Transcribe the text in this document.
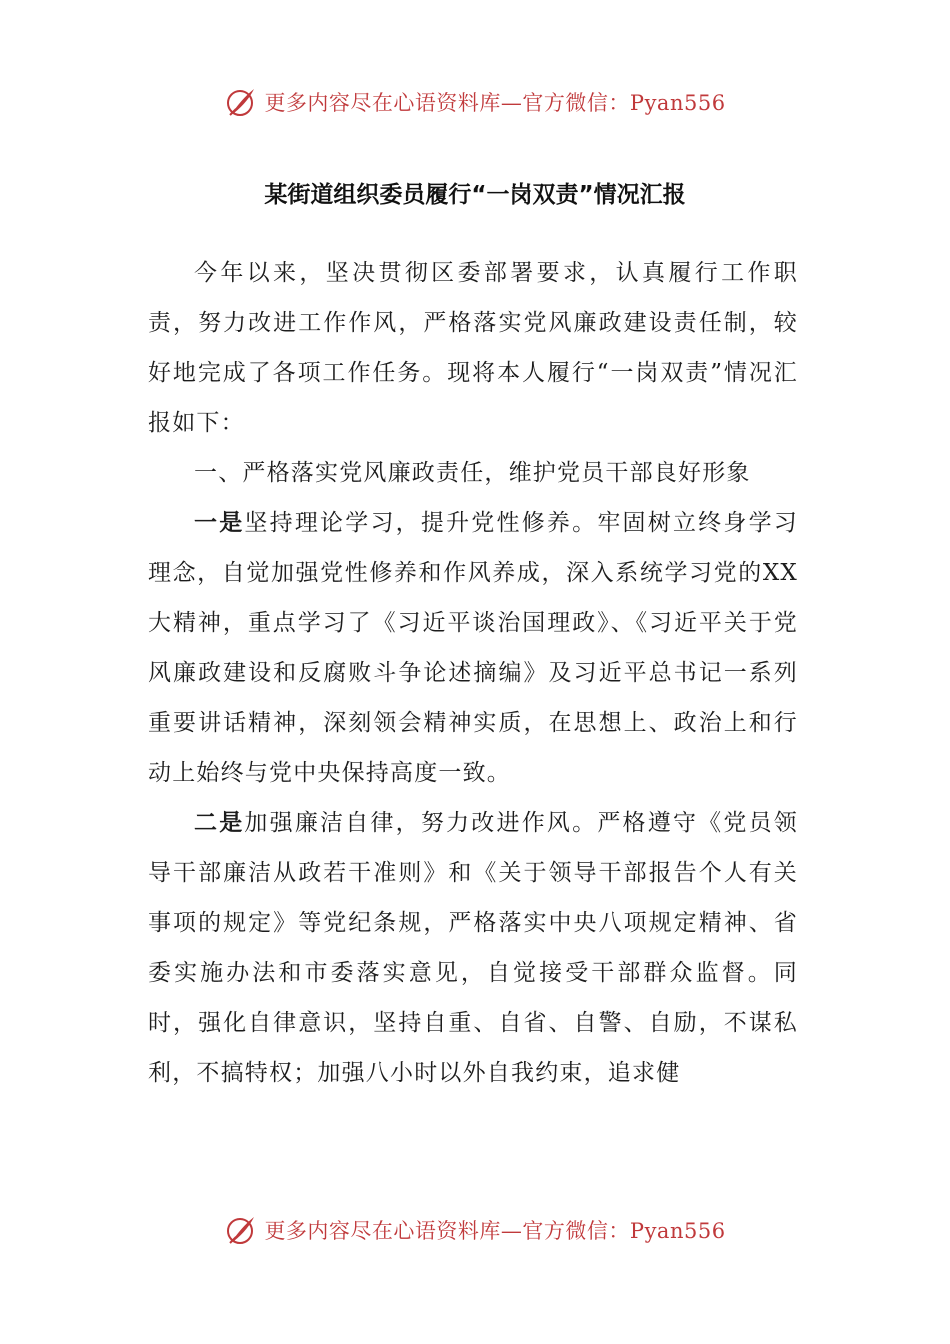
更多内容尽在心语资料库—官方微信：Pyan556
某街道组织委员履行“一岗双责”情况汇报

今年以来，坚决贯彻区委部署要求，认真履行工作职责，努力改进工作作风，严格落实党风廉政建设责任制，较好地完成了各项工作任务。现将本人履行“一岗双责”情况汇报如下：

一、严格落实党风廉政责任，维护党员干部良好形象

一是坚持理论学习，提升党性修养。牢固树立终身学习理念，自觉加强党性修养和作风养成，深入系统学习党的XX大精神，重点学习了《习近平谈治国理政》、《习近平关于党风廉政建设和反腐败斗争论述摘编》及习近平总书记一系列重要讲话精神，深刻领会精神实质，在思想上、政治上和行动上始终与党中央保持高度一致。

二是加强廉洁自律，努力改进作风。严格遵守《党员领导干部廉洁从政若干准则》和《关于领导干部报告个人有关事项的规定》等党纪条规，严格落实中央八项规定精神、省委实施办法和市委落实意见，自觉接受干部群众监督。同时，强化自律意识，坚持自重、自省、自警、自励，不谋私利，不搞特权；加强八小时以外自我约束，追求健

更多内容尽在心语资料库—官方微信：Pyan556
